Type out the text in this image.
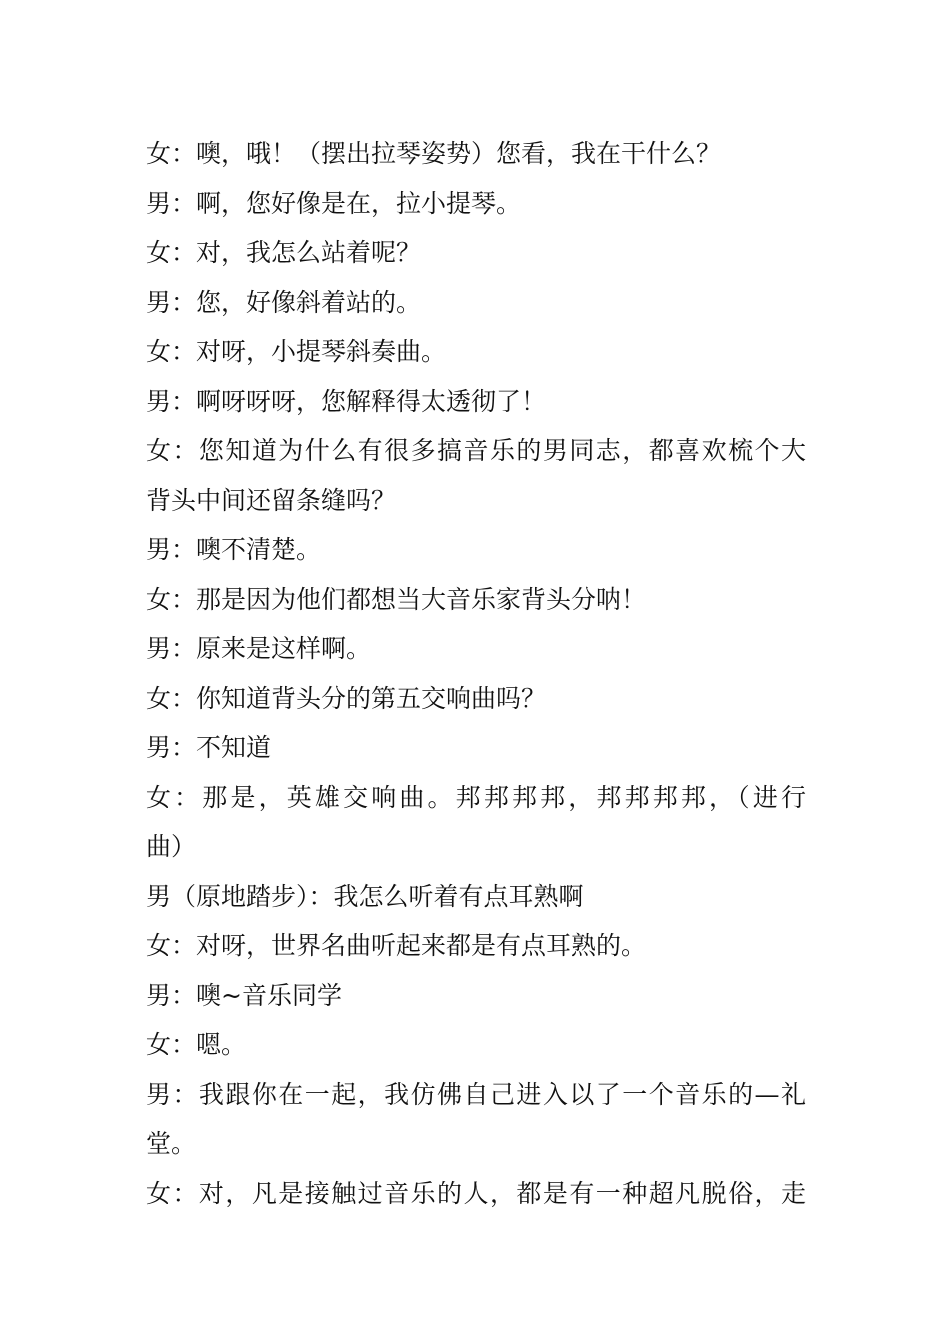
女：噢，哦！（摆出拉琴姿势）您看，我在干什么？
男：啊，您好像是在，拉小提琴。
女：对，我怎么站着呢？
男：您，好像斜着站的。
女：对呀，小提琴斜奏曲。
男：啊呀呀呀，您解释得太透彻了！
女：您知道为什么有很多搞音乐的男同志，都喜欢梳个大
背头中间还留条缝吗？
男：噢不清楚。
女：那是因为他们都想当大音乐家背头分呐！
男：原来是这样啊。
女：你知道背头分的第五交响曲吗？
男：不知道
女：那是，英雄交响曲。邦邦邦邦，邦邦邦邦，（进行
曲）
男（原地踏步）：我怎么听着有点耳熟啊
女：对呀，世界名曲听起来都是有点耳熟的。
男：噢~音乐同学
女：嗯。
男：我跟你在一起，我仿佛自己进入以了一个音乐的—礼
堂。
女：对，凡是接触过音乐的人，都是有一种超凡脱俗，走
